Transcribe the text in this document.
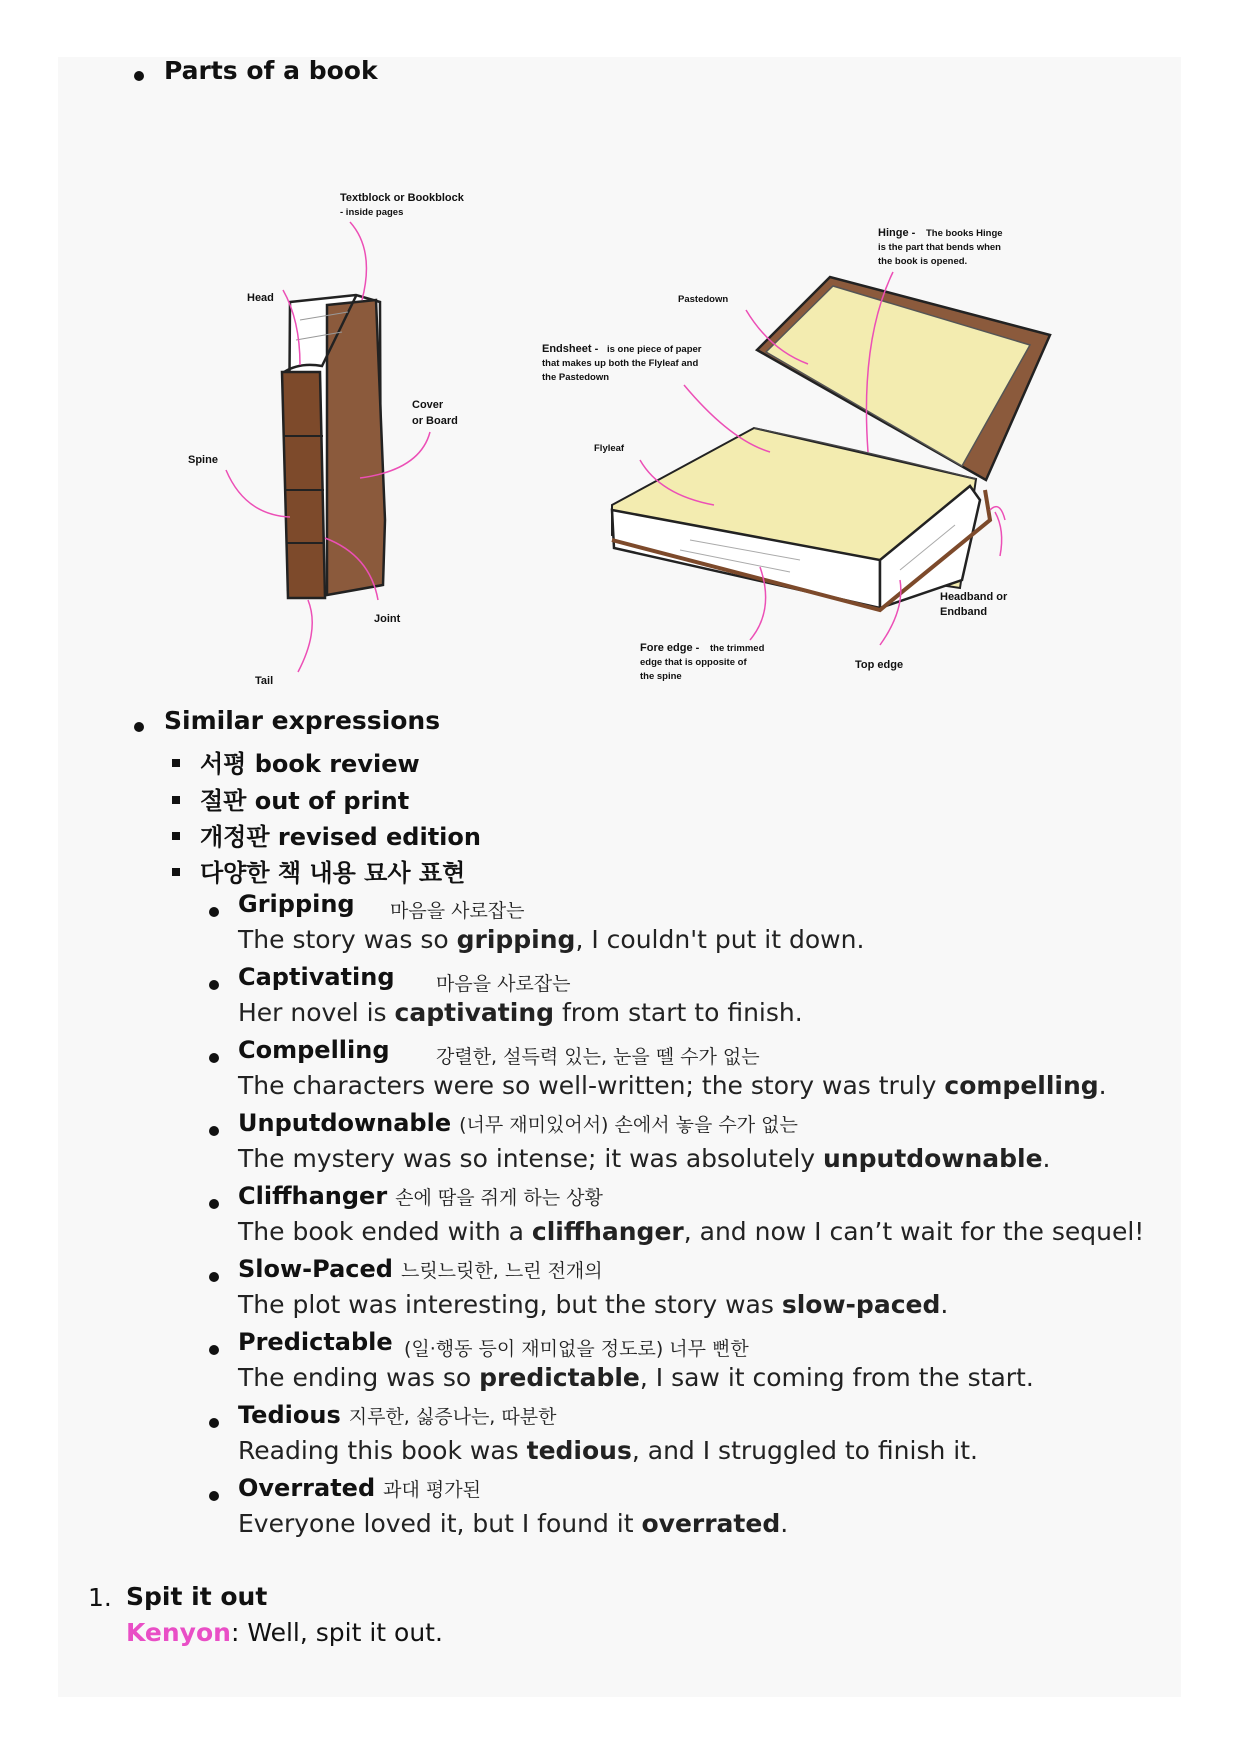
Parts of a book
Textblock or Bookblock
- inside pages
Head
Cover
or Board
Spine
Joint
Tail
Hinge - The books Hinge
is the part that bends when
the book is opened.
Pastedown
Endsheet - is one piece of paper
that makes up both the Flyleaf and
the Pastedown
Flyleaf
Headband or
Endband
Fore edge - the trimmed
edge that is opposite of
the spine
Top edge
Similar expressions
서평 book review
절판 out of print
개정판 revised edition
다양한 책 내용 묘사 표현
Gripping 마음을 사로잡는
The story was so gripping, I couldn't put it down.
Captivating 마음을 사로잡는
Her novel is captivating from start to finish.
Compelling 강렬한, 설득력 있는, 눈을 뗄 수가 없는
The characters were so well-written; the story was truly compelling.
Unputdownable (너무 재미있어서) 손에서 놓을 수가 없는
The mystery was so intense; it was absolutely unputdownable.
Cliffhanger 손에 땀을 쥐게 하는 상황
The book ended with a cliffhanger, and now I can’t wait for the sequel!
Slow-Paced 느릿느릿한, 느린 전개의
The plot was interesting, but the story was slow-paced.
Predictable (일·행동 등이 재미없을 정도로) 너무 뻔한
The ending was so predictable, I saw it coming from the start.
Tedious 지루한, 싫증나는, 따분한
Reading this book was tedious, and I struggled to finish it.
Overrated 과대 평가된
Everyone loved it, but I found it overrated.
1. Spit it out
Kenyon: Well, spit it out.
